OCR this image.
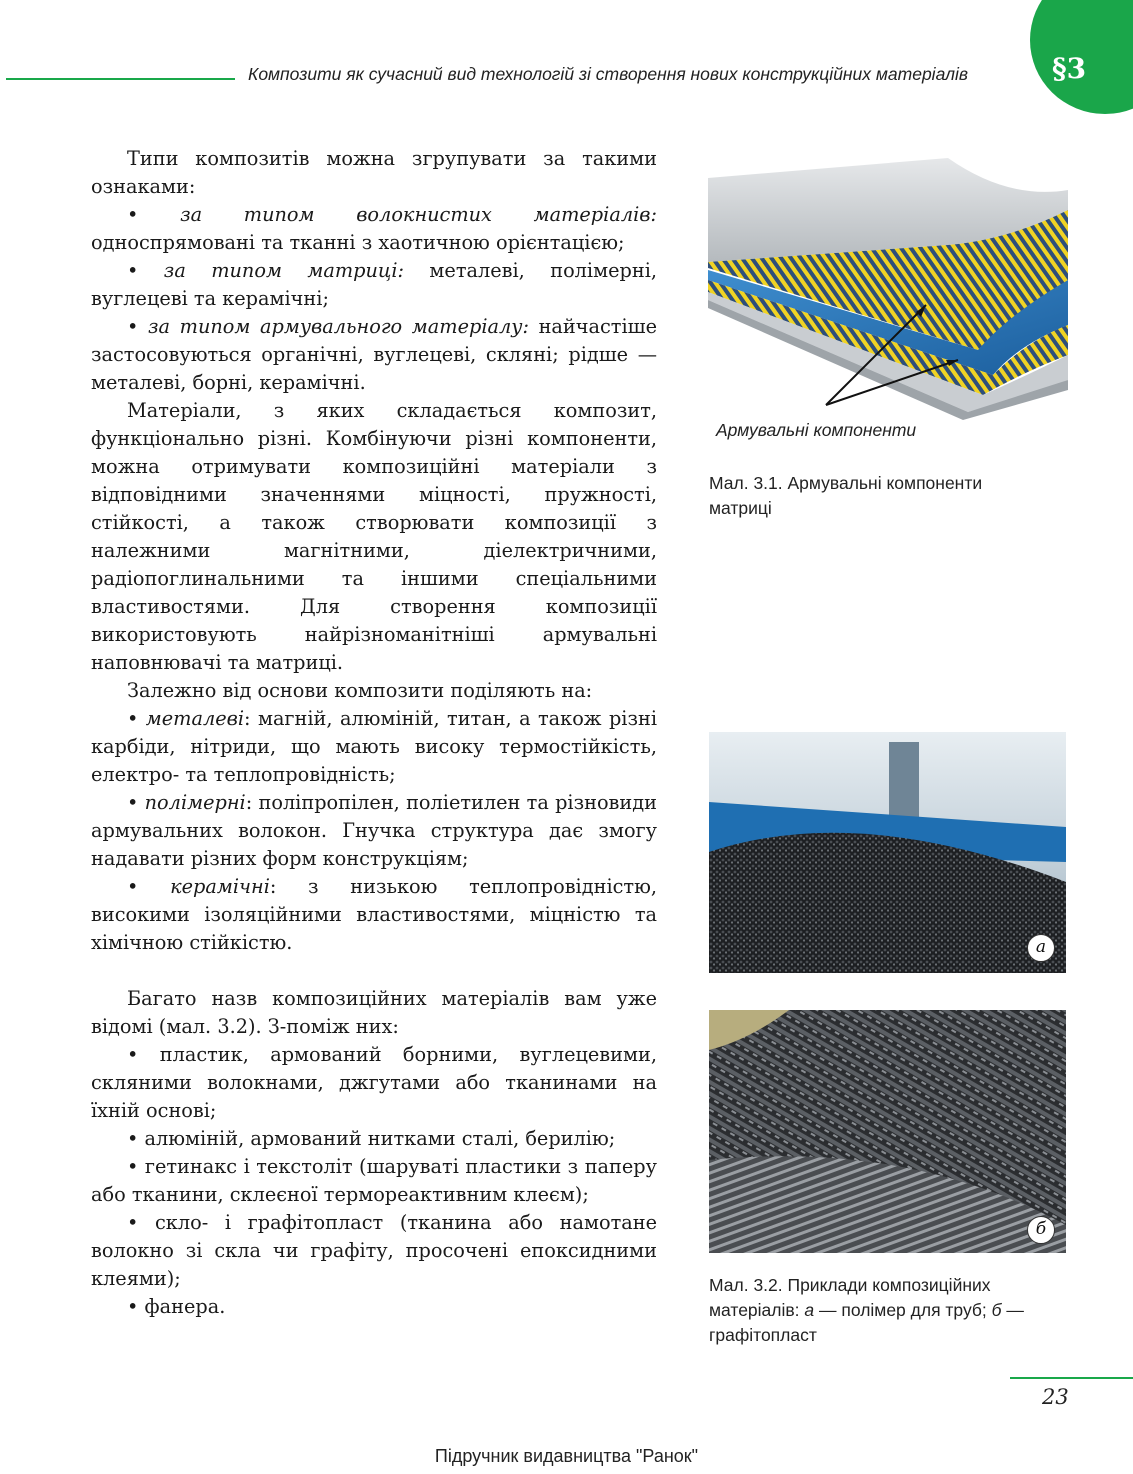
Композити як сучасний вид технологій зі створення нових конструкційних матеріалів	§3

Типи композитів можна згрупувати за такими ознаками:

• за типом волокнистих матеріалів: односпрямовані та тканні з хаотичною орієнтацією;

• за типом матриці: металеві, полімерні, вуглецеві та керамічні;

• за типом армувального матеріалу: найчастіше застосовуються органічні, вуглецеві, скляні; рідше — металеві, борні, керамічні.

Матеріали, з яких складається композит, функціонально різні. Комбінуючи різні компоненти, можна отримувати композиційні матеріали з відповідними значеннями міцності, пружності, стійкості, а також створювати композиції з належними магнітними, діелектричними, радіопоглинальними та іншими спеціальними властивостями. Для створення композиції використовують найрізноманітніші армувальні наповнювачі та матриці.

Залежно від основи композити поділяють на:

• металеві: магній, алюміній, титан, а також різні карбіди, нітриди, що мають високу термостійкість, електро- та теплопровідність;

• полімерні: поліпропілен, поліетилен та різновиди армувальних волокон. Гнучка структура дає змогу надавати різних форм конструкціям;

• керамічні: з низькою теплопровідністю, високими ізоляційними властивостями, міцністю та хімічною стійкістю.

Багато назв композиційних матеріалів вам уже відомі (мал. 3.2). З-поміж них:

• пластик, армований борними, вуглецевими, скляними волокнами, джгутами або тканинами на їхній основі;

• алюміній, армований нитками сталі, берилію;

• гетинакс і текстоліт (шаруваті пластики з паперу або тканини, склеєної термореактивним клеєм);

• скло- і графітопласт (тканина або намотане волокно зі скла чи графіту, просочені епоксидними клеями);

• фанера.

Армувальні компоненти
Мал. 3.1. Армувальні компоненти матриці
а
б
Мал. 3.2. Приклади композиційних матеріалів: а — полімер для труб; б — графітопласт
23
Підручник видавництва "Ранок"
